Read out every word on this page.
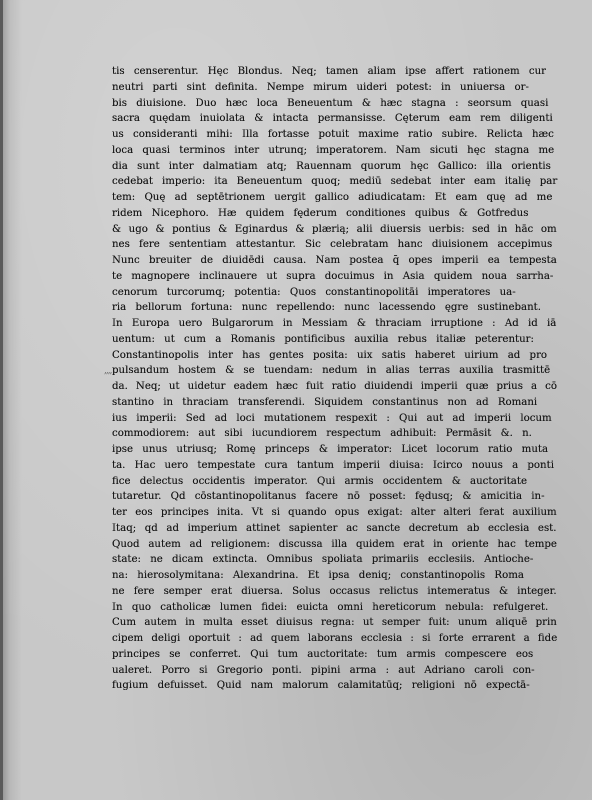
tis censerentur. Hęc Blondus. Neq; tamen aliam ipse affert rationem cur
neutri parti sint definita. Nempe mirum uideri potest: in uniuersa or-
bis diuisione. Duo hæc loca Beneuentum & hæc stagna : seorsum quasi
sacra quędam inuiolata & intacta permansisse. Cęterum eam rem diligenti
us consideranti mihi: Illa fortasse potuit maxime ratio subire. Relicta hæc
loca quasi terminos inter utrunq; imperatorem. Nam sicuti hęc stagna me
dia sunt inter dalmatiam atq; Rauennam quorum hęc Gallico: illa orientis
cedebat imperio: ita Beneuentum quoq; mediū sedebat inter eam italię par
tem: Quę ad septētrionem uergit gallico adiudicatam: Et eam quę ad me
ridem Nicephoro. Hæ quidem fęderum conditiones quibus & Gotfredus
& ugo & pontius & Eginardus & plærią; alii diuersis uerbis: sed in hāc om
nes fere sententiam attestantur. Sic celebratam hanc diuisionem accepimus
Nunc breuiter de diuidēdi causa. Nam postea q̄ opes imperii ea tempesta
te magnopere inclinauere ut supra docuimus in Asia quidem noua sarrha-
cenorum turcorumq; potentia: Quos constantinopolitāi imperatores ua-
ria bellorum fortuna: nunc repellendo: nunc lacessendo ęgre sustinebant.
In Europa uero Bulgarorum in Messiam & thraciam irruptione : Ad id iā
uentum: ut cum a Romanis pontificibus auxilia rebus italiæ peterentur:
Constantinopolis inter has gentes posita: uix satis haberet uirium ad pro
pulsandum hostem & se tuendam: nedum in alias terras auxilia trasmittē
da. Neq; ut uidetur eadem hæc fuit ratio diuidendi imperii quæ prius a cō
stantino in thraciam transferendi. Siquidem constantinus non ad Romani
ius imperii: Sed ad loci mutationem respexit : Qui aut ad imperii locum
commodiorem: aut sibi iucundiorem respectum adhibuit: Permāsit &. n.
ipse unus utriusq; Romę princeps & imperator: Licet locorum ratio muta
ta. Hac uero tempestate cura tantum imperii diuisa: Icirco nouus a ponti
fice delectus occidentis imperator. Qui armis occidentem & auctoritate
tutaretur. Qd cōstantinopolitanus facere nō posset: fędusq; & amicitia in-
ter eos principes inita. Vt si quando opus exigat: alter alteri ferat auxilium
Itaq; qd ad imperium attinet sapienter ac sancte decretum ab ecclesia est.
Quod autem ad religionem: discussa illa quidem erat in oriente hac tempe
state: ne dicam extincta. Omnibus spoliata primariis ecclesiis. Antioche-
na: hierosolymitana: Alexandrina. Et ipsa deniq; constantinopolis Roma
ne fere semper erat diuersa. Solus occasus relictus intemeratus & integer.
In quo catholicæ lumen fidei: euicta omni hereticorum nebula: refulgeret.
Cum autem in multa esset diuisus regna: ut semper fuit: unum aliquē prin
cipem deligi oportuit : ad quem laborans ecclesia : si forte errarent a fide
principes se conferret. Qui tum auctoritate: tum armis compescere eos
ualeret. Porro si Gregorio ponti. pipini arma : aut Adriano caroli con-
fugium defuisset. Quid nam malorum calamitatūq; religioni nō expectā-
,,,,
